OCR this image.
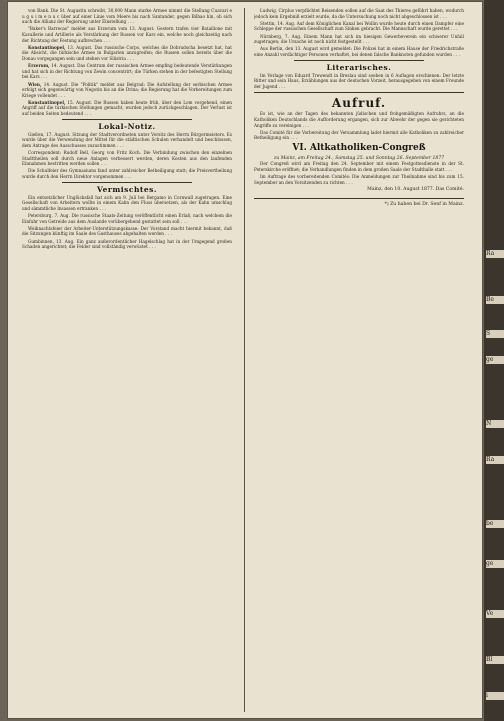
von Bank. Die St. Augustin schreibt, 30,000 Mann starke Armee nimmt die Stellung Cuavari e u g u i m e n u c über auf einer Linie vom Meere bis nach Santander, gegen Bilbao hin, ob sich auch die Allianz der Regierung unter Einstellung . . .

"Baker's Barrecas" meldet aus Erzerum vom 13. August: Gestern trafen vier Bataillone mit Kavallerie und Artillerie als Verstärkung der Russen vor Kars ein, welche noch gleichzeitig nach der Richtung der Festung aufbrechen . . .

Konstantinopel, 13. August. Das russische Corps, welches die Dobrudscha besetzt hat, hat die Absicht, die türkische Armee in Bulgarien anzugreifen; die Russen sollen bereits über die Donau vorgegangen sein und stehen vor Silistria . . .

Erzerum, 14. August. Das Centrum der russischen Armee empfing bedeutende Verstärkungen und hat sich in der Richtung von Zewin concentrirt; die Türken stehen in der befestigten Stellung bei Kars . . .

Wien, 14. August. Die "Politik" meldet aus Belgrad: Die Aufstellung der serbischen Armee erfolgt sich gegenwärtig von Negotin bis an die Drina; die Regierung hat die Vorbereitungen zum Kriege vollendet . . .

Konstantinopel, 15. August. Die Russen haben heute früh, über den Lom vorgehend, einen Angriff auf die türkischen Stellungen gemacht, wurden jedoch zurückgeschlagen. Der Verlust ist auf beiden Seiten bedeutend . . .

Lokal-Notiz.

Gießen, 17. August. Sitzung der Stadtverordneten unter Vorsitz des Herrn Bürgermeisters. Es wurde über die Verwendung der Mittel für die städtischen Schulen verhandelt und beschlossen, dem Antrage des Ausschusses zuzustimmen . . .

Correspondent: Rudolf Bell, Georg von Fritz Koch. Die Verbindung zwischen den einzelnen Stadttheilen soll durch neue Anlagen verbessert werden, deren Kosten aus den laufenden Einnahmen bestritten werden sollen . . .

Die Schulfeier des Gymnasiums fand unter zahlreicher Betheiligung statt; die Preisvertheilung wurde durch den Herrn Direktor vorgenommen . . .

Vermischtes.

Ein entsetzlicher Unglücksfall hat sich am 9. Juli bei Bergamo in Cornwall zugetragen. Eine Gesellschaft von Arbeitern wollte in einem Kahn den Fluss übersetzen, als der Kahn umschlug und sämmtliche Insassen ertranken . . .

Petersburg, 7. Aug. Die russische Staats-Zeitung veröffentlicht einen Erlaß, nach welchem die Einfuhr von Getreide aus dem Auslande vorübergehend gestattet sein soll . . .

Weihnachtsfeier der Arbeiter-Unterstützungskasse: Der Vorstand macht hiermit bekannt, daß die Sitzungen künftig im Saale des Gasthauses abgehalten werden . . .

Gumbinnen, 13. Aug. Ein ganz außerordentlicher Hagelschlag hat in der Umgegend großen Schaden angerichtet; die Felder sind vollständig verwüstet . . .

Ludwig, Cirplus verpflichtet Reisenden sollen auf die Saat des Thieres geführt haben, wodurch jedoch kein Ergebniß erzielt wurde, da die Untersuchung noch nicht abgeschlossen ist . . .

Stettin, 14. Aug. Auf dem Königlichen Kanal bei Wollin wurde heute durch einen Dampfer eine Schleppe der russischen Gesellschaft zum Sinken gebracht. Die Mannschaft wurde gerettet . . .

Nürnberg, 7. Aug. Einem Mann hat sich im hiesigen Gewerbeverein ein schwerer Unfall zugetragen; die Ursache ist noch nicht festgestellt . . .

Aus Berlin, den 13. August wird gemeldet: Die Polizei hat in einem Hause der Friedrichstraße eine Anzahl verdächtiger Personen verhaftet, bei denen falsche Banknoten gefunden wurden . . .

Literarisches.

Im Verlage von Eduard Trewendt in Breslau sind soeben in 6 Auflagen erschienen: Der letzte Ritter und sein Haus, Erzählungen aus der deutschen Vorzeit, herausgegeben von einem Freunde der Jugend . . .

Aufruf.

Es ist, wie an der Tagen des bekannten jüdischen und frohgemäßigten Aufruhrs, an die Katholiken Deutschlands die Aufforderung ergangen, sich zur Abwehr der gegen sie gerichteten Angriffe zu vereinigen . . .

Das Comité für die Vorbereitung der Versammlung ladet hiermit alle Katholiken zu zahlreicher Betheiligung ein . . .

VI. Altkatholiken-Congreß
zu Mainz, am Freitag 24., Samstag 25. und Sonntag 26. September 1877

Der Congreß wird am Freitag den 24. September mit einem Festgottesdienste in der St. Peterskirche eröffnet; die Verhandlungen finden in dem großen Saale der Stadthalle statt . . .

Im Auftrage des vorbereitenden Comités: Die Anmeldungen zur Theilnahme sind bis zum 15. September an den Vorsitzenden zu richten . . .

Mainz, den 10. August 1877. Das Comité.

*) Zu haben bei Dr. Senf in Mainz.

Ra
Be
S
ge
N
Ra
be
ge
Ve
Bl
i
